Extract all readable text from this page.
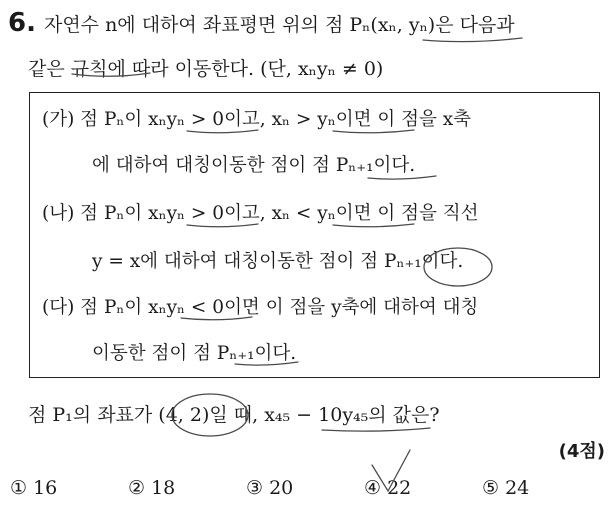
6. 자연수 n에 대하여 좌표평면 위의 점 Pₙ(xₙ, yₙ)은 다음과
같은 규칙에 따라 이동한다. (단, xₙyₙ ≠ 0)
(가) 점 Pₙ이 xₙyₙ > 0이고, xₙ > yₙ이면 이 점을 x축
에 대하여 대칭이동한 점이 점 Pₙ₊₁이다.
(나) 점 Pₙ이 xₙyₙ > 0이고, xₙ < yₙ이면 이 점을 직선
y = x에 대하여 대칭이동한 점이 점 Pₙ₊₁이다.
(다) 점 Pₙ이 xₙyₙ < 0이면 이 점을 y축에 대하여 대칭
이동한 점이 점 Pₙ₊₁이다.
점 P₁의 좌표가 (4, 2)일 때, x₄₅ − 10y₄₅의 값은?
(4점)
① 16	② 18	③ 20	④ 22	⑤ 24
